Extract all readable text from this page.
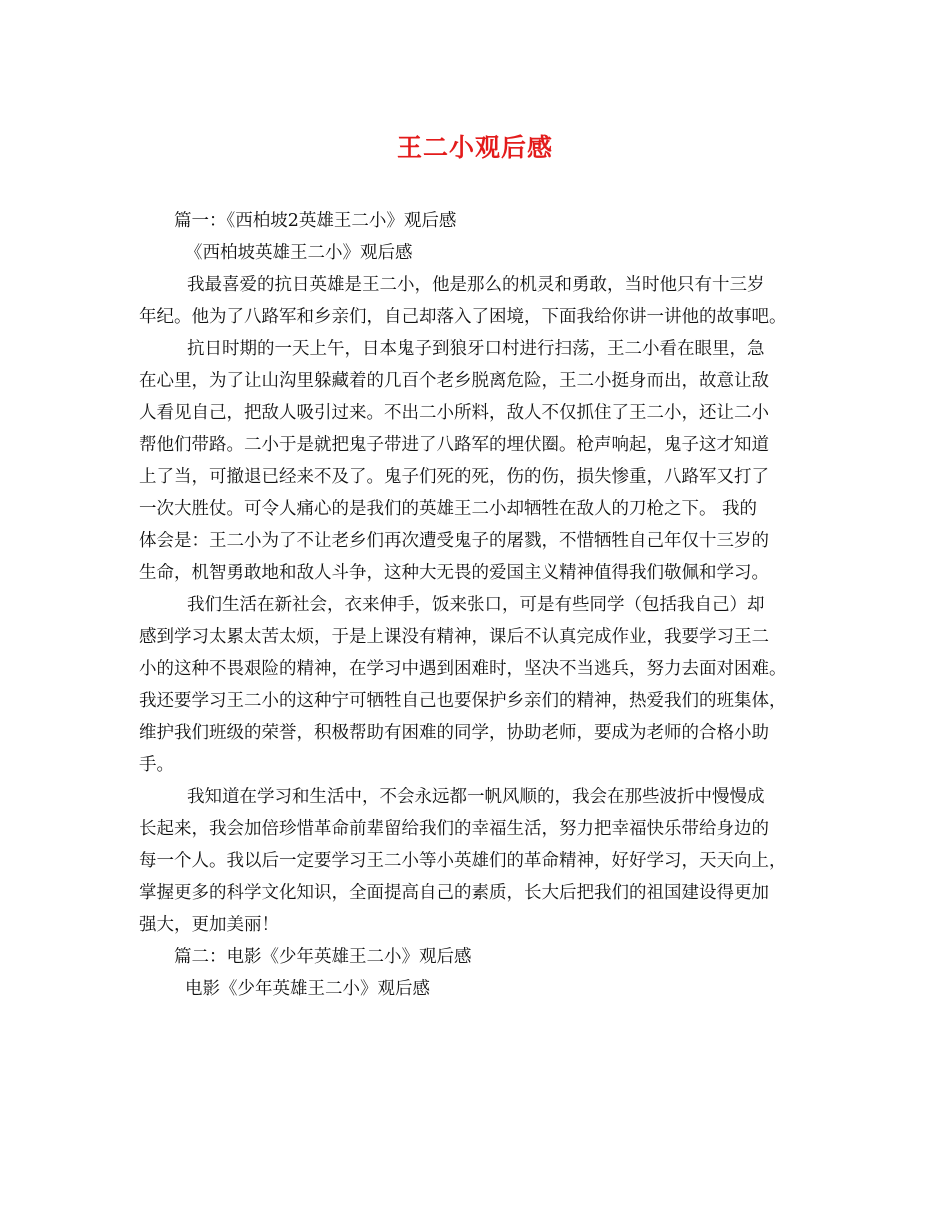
王二小观后感

篇一：《西柏坡2英雄王二小》观后感

《西柏坡英雄王二小》观后感

我最喜爱的抗日英雄是王二小，他是那么的机灵和勇敢，当时他只有十三岁

年纪。他为了八路军和乡亲们，自己却落入了困境，下面我给你讲一讲他的故事吧。

抗日时期的一天上午，日本鬼子到狼牙口村进行扫荡，王二小看在眼里，急

在心里，为了让山沟里躲藏着的几百个老乡脱离危险，王二小挺身而出，故意让敌

人看见自己，把敌人吸引过来。不出二小所料，敌人不仅抓住了王二小，还让二小

帮他们带路。二小于是就把鬼子带进了八路军的埋伏圈。枪声响起，鬼子这才知道

上了当，可撤退已经来不及了。鬼子们死的死，伤的伤，损失惨重，八路军又打了

一次大胜仗。可令人痛心的是我们的英雄王二小却牺牲在敌人的刀枪之下。 我的

体会是：王二小为了不让老乡们再次遭受鬼子的屠戮，不惜牺牲自己年仅十三岁的

生命，机智勇敢地和敌人斗争，这种大无畏的爱国主义精神值得我们敬佩和学习。

我们生活在新社会，衣来伸手，饭来张口，可是有些同学（包括我自己）却

感到学习太累太苦太烦，于是上课没有精神，课后不认真完成作业，我要学习王二

小的这种不畏艰险的精神，在学习中遇到困难时，坚决不当逃兵，努力去面对困难。

我还要学习王二小的这种宁可牺牲自己也要保护乡亲们的精神，热爱我们的班集体，

维护我们班级的荣誉，积极帮助有困难的同学，协助老师，要成为老师的合格小助

手。

我知道在学习和生活中，不会永远都一帆风顺的，我会在那些波折中慢慢成

长起来，我会加倍珍惜革命前辈留给我们的幸福生活，努力把幸福快乐带给身边的

每一个人。我以后一定要学习王二小等小英雄们的革命精神，好好学习，天天向上，

掌握更多的科学文化知识，全面提高自己的素质，长大后把我们的祖国建设得更加

强大，更加美丽！

篇二：电影《少年英雄王二小》观后感

电影《少年英雄王二小》观后感
